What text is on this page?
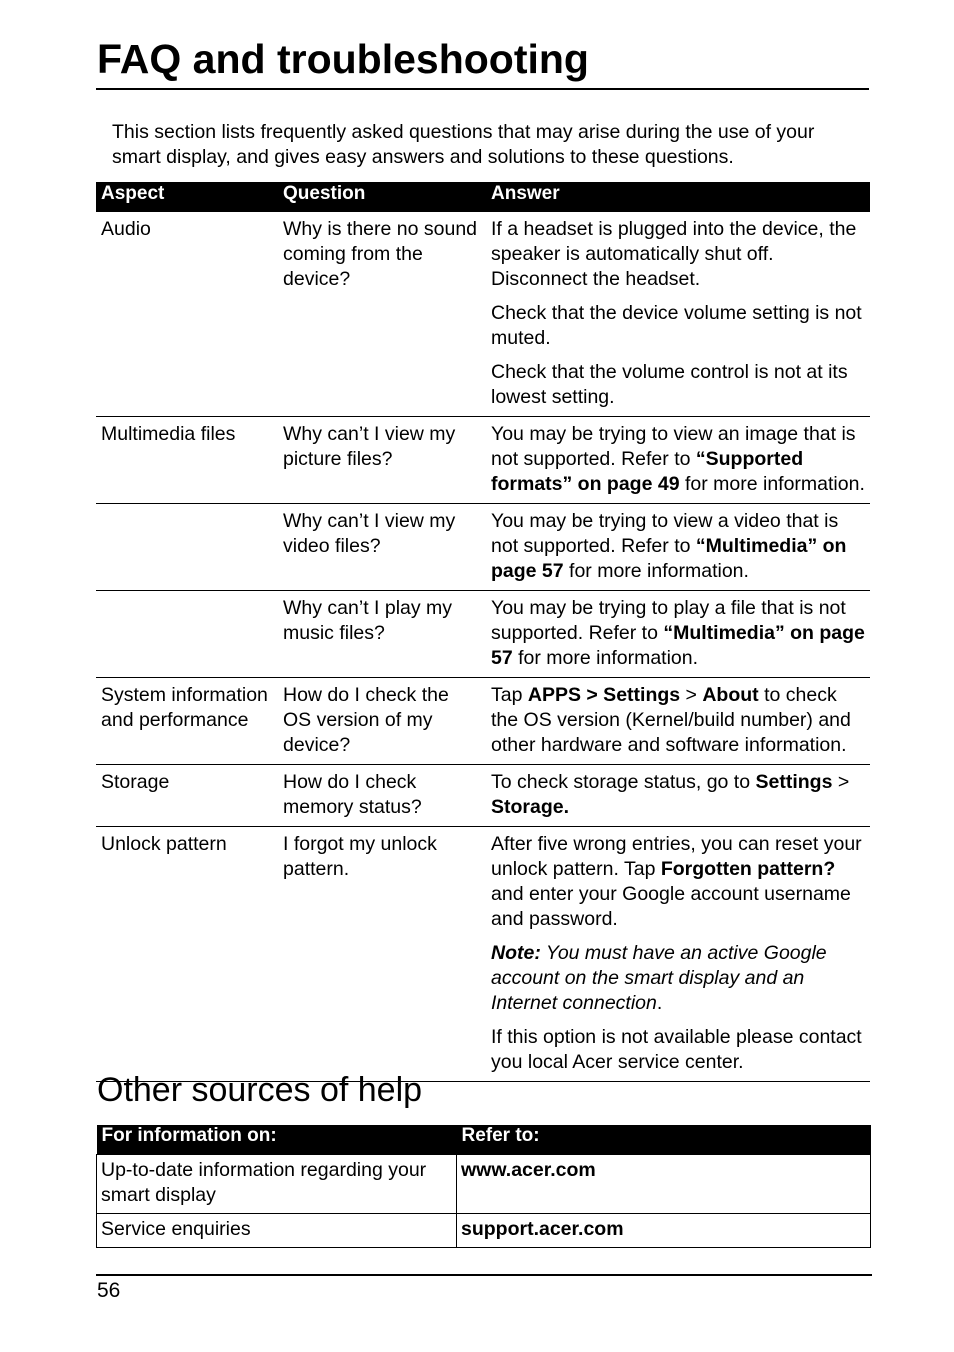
FAQ and troubleshooting

This section lists frequently asked questions that may arise during the use of your smart display, and gives easy answers and solutions to these questions.

Aspect	Question	Answer
Audio	Why is there no sound coming from the device?	If a headset is plugged into the device, the speaker is automatically shut off. Disconnect the headset.

Check that the device volume setting is not muted.

Check that the volume control is not at its lowest setting.

Multimedia files	Why can’t I view my picture files?	You may be trying to view an image that is not supported. Refer to “Supported formats” on page 49 for more information.
	Why can’t I view my video files?	You may be trying to view a video that is not supported. Refer to “Multimedia” on page 57 for more information.
	Why can’t I play my music files?	You may be trying to play a file that is not supported. Refer to “Multimedia” on page 57 for more information.
System information and performance	How do I check the OS version of my device?	Tap APPS > Settings > About to check the OS version (Kernel/build number) and other hardware and software information.
Storage	How do I check memory status?	To check storage status, go to Settings > Storage.
Unlock pattern	I forgot my unlock pattern.	After five wrong entries, you can reset your unlock pattern. Tap Forgotten pattern? and enter your Google account username and password.

Note: You must have an active Google account on the smart display and an Internet connection.

If this option is not available please contact you local Acer service center.

Other sources of help
For information on:	Refer to:
Up-to-date information regarding your smart display	www.acer.com
Service enquiries	support.acer.com
56
